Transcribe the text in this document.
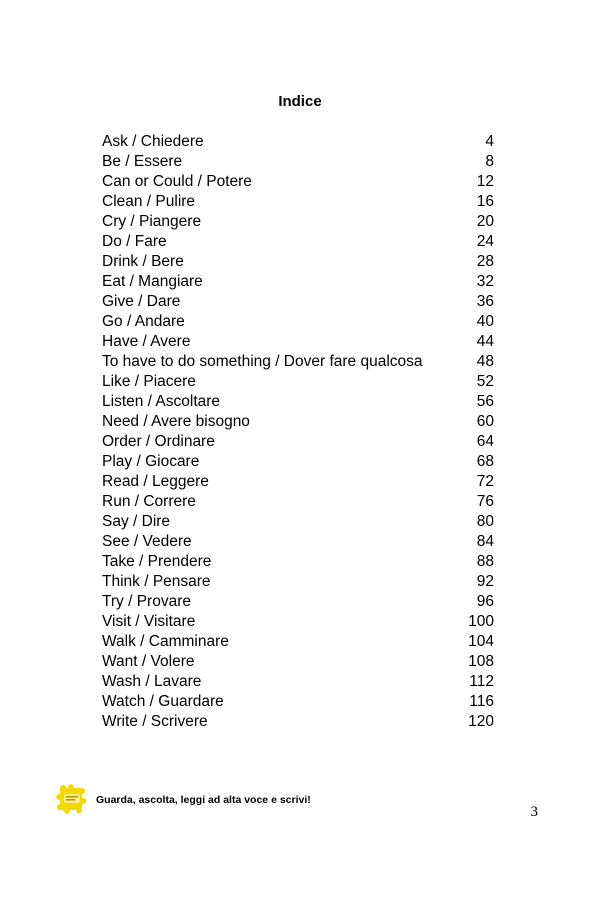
Indice
Ask / Chiedere	4
Be / Essere	8
Can or Could / Potere	12
Clean / Pulire	16
Cry / Piangere	20
Do / Fare	24
Drink / Bere	28
Eat / Mangiare	32
Give / Dare	36
Go / Andare	40
Have / Avere	44
To have to do something / Dover fare qualcosa	48
Like / Piacere	52
Listen / Ascoltare	56
Need / Avere bisogno	60
Order / Ordinare	64
Play / Giocare	68
Read / Leggere	72
Run / Correre	76
Say / Dire	80
See / Vedere	84
Take / Prendere	88
Think / Pensare	92
Try / Provare	96
Visit / Visitare	100
Walk / Camminare	104
Want / Volere	108
Wash / Lavare	112
Watch / Guardare	116
Write / Scrivere	120
Guarda, ascolta, leggi ad alta voce e scrivi!
3
